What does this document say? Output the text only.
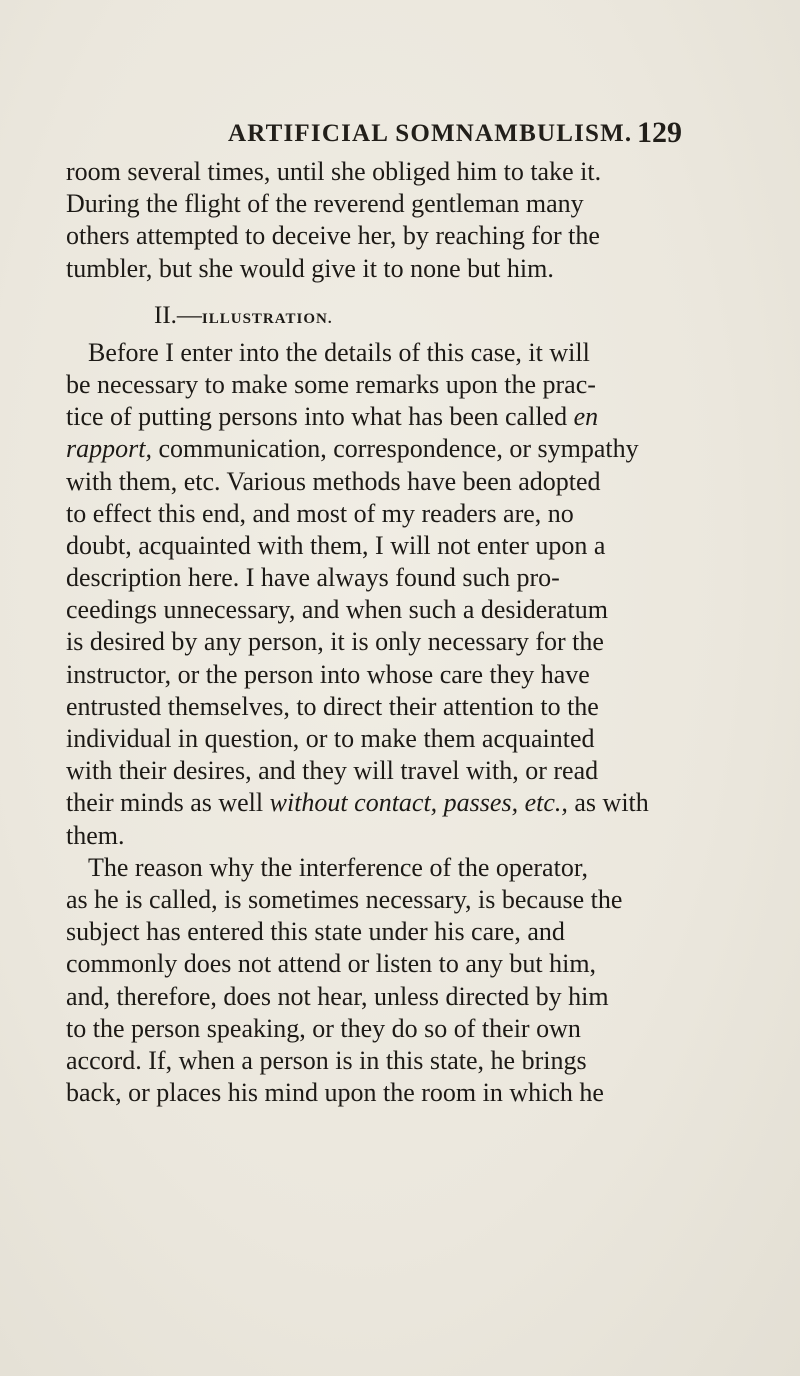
ARTIFICIAL SOMNAMBULISM. 129
room several times, until she obliged him to take it.
During the flight of the reverend gentleman many
others attempted to deceive her, by reaching for the
tumbler, but she would give it to none but him.
II.—ILLUSTRATION.
Before I enter into the details of this case, it will
be necessary to make some remarks upon the prac-
tice of putting persons into what has been called en
rapport, communication, correspondence, or sympathy
with them, etc. Various methods have been adopted
to effect this end, and most of my readers are, no
doubt, acquainted with them, I will not enter upon a
description here. I have always found such pro-
ceedings unnecessary, and when such a desideratum
is desired by any person, it is only necessary for the
instructor, or the person into whose care they have
entrusted themselves, to direct their attention to the
individual in question, or to make them acquainted
with their desires, and they will travel with, or read
their minds as well without contact, passes, etc., as with
them.
The reason why the interference of the operator,
as he is called, is sometimes necessary, is because the
subject has entered this state under his care, and
commonly does not attend or listen to any but him,
and, therefore, does not hear, unless directed by him
to the person speaking, or they do so of their own
accord. If, when a person is in this state, he brings
back, or places his mind upon the room in which he
